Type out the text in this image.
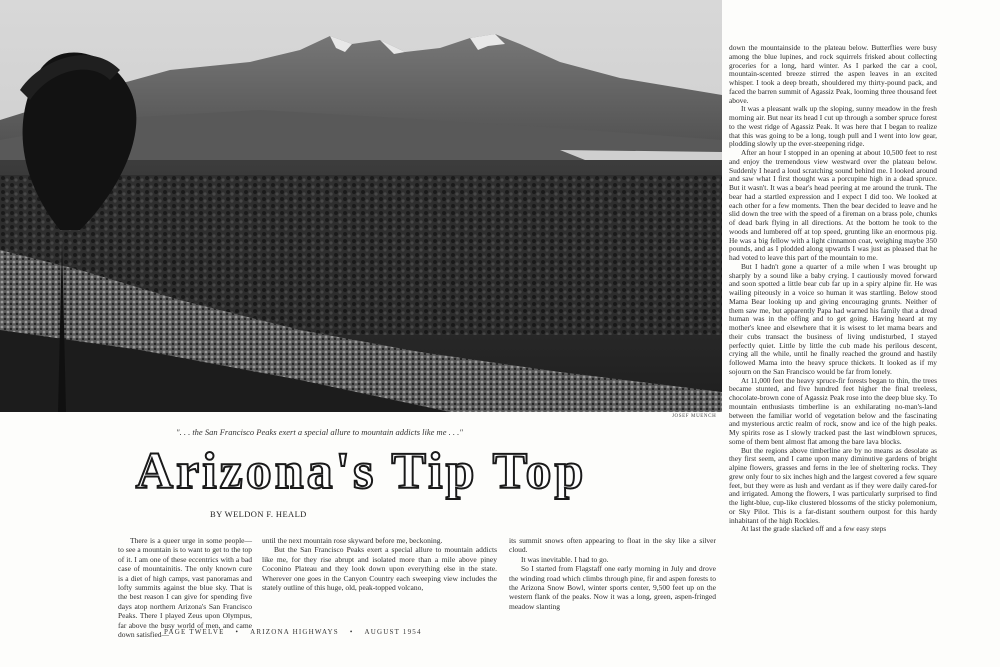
JOSEF MUENCH
". . . the San Francisco Peaks exert a special allure to mountain addicts like me . . ."
Arizona's Tip Top
BY WELDON F. HEALD

There is a queer urge in some people—to see a mountain is to want to get to the top of it. I am one of these eccentrics with a bad case of mountainitis. The only known cure is a diet of high camps, vast panoramas and lofty summits against the blue sky. That is the best reason I can give for spending five days atop northern Arizona's San Francisco Peaks. There I played Zeus upon Olympus, far above the busy world of men, and came down satisfied—

until the next mountain rose skyward before me, beckoning.

But the San Francisco Peaks exert a special allure to mountain addicts like me, for they rise abrupt and isolated more than a mile above piney Coconino Plateau and they look down upon everything else in the state. Wherever one goes in the Canyon Country each sweeping view includes the stately outline of this huge, old, peak-topped volcano,

its summit snows often appearing to float in the sky like a silver cloud.

It was inevitable. I had to go.

So I started from Flagstaff one early morning in July and drove the winding road which climbs through pine, fir and aspen forests to the Arizona Snow Bowl, winter sports center, 9,500 feet up on the western flank of the peaks. Now it was a long, green, aspen-fringed meadow slanting

down the mountainside to the plateau below. Butterflies were busy among the blue lupines, and rock squirrels frisked about collecting groceries for a long, hard winter. As I parked the car a cool, mountain-scented breeze stirred the aspen leaves in an excited whisper. I took a deep breath, shouldered my thirty-pound pack, and faced the barren summit of Agassiz Peak, looming three thousand feet above.

It was a pleasant walk up the sloping, sunny meadow in the fresh morning air. But near its head I cut up through a somber spruce forest to the west ridge of Agassiz Peak. It was here that I began to realize that this was going to be a long, tough pull and I went into low gear, plodding slowly up the ever-steepening ridge.

After an hour I stopped in an opening at about 10,500 feet to rest and enjoy the tremendous view westward over the plateau below. Suddenly I heard a loud scratching sound behind me. I looked around and saw what I first thought was a porcupine high in a dead spruce. But it wasn't. It was a bear's head peering at me around the trunk. The bear had a startled expression and I expect I did too. We looked at each other for a few moments. Then the bear decided to leave and he slid down the tree with the speed of a fireman on a brass pole, chunks of dead bark flying in all directions. At the bottom he took to the woods and lumbered off at top speed, grunting like an enormous pig. He was a big fellow with a light cinnamon coat, weighing maybe 350 pounds, and as I plodded along upwards I was just as pleased that he had voted to leave this part of the mountain to me.

But I hadn't gone a quarter of a mile when I was brought up sharply by a sound like a baby crying. I cautiously moved forward and soon spotted a little bear cub far up in a spiry alpine fir. He was wailing piteously in a voice so human it was startling. Below stood Mama Bear looking up and giving encouraging grunts. Neither of them saw me, but apparently Papa had warned his family that a dread human was in the offing and to get going. Having heard at my mother's knee and elsewhere that it is wisest to let mama bears and their cubs transact the business of living undisturbed, I stayed perfectly quiet. Little by little the cub made his perilous descent, crying all the while, until he finally reached the ground and hastily followed Mama into the heavy spruce thickets. It looked as if my sojourn on the San Francisco would be far from lonely.

At 11,000 feet the heavy spruce-fir forests began to thin, the trees became stunted, and five hundred feet higher the final treeless, chocolate-brown cone of Agassiz Peak rose into the deep blue sky. To mountain enthusiasts timberline is an exhilarating no-man's-land between the familiar world of vegetation below and the fascinating and mysterious arctic realm of rock, snow and ice of the high peaks. My spirits rose as I slowly tracked past the last windblown spruces, some of them bent almost flat among the bare lava blocks.

But the regions above timberline are by no means as desolate as they first seem, and I came upon many diminutive gardens of bright alpine flowers, grasses and ferns in the lee of sheltering rocks. They grew only four to six inches high and the largest covered a few square feet, but they were as lush and verdant as if they were daily cared-for and irrigated. Among the flowers, I was particularly surprised to find the light-blue, cup-like clustered blossoms of the sticky polemonium, or Sky Pilot. This is a far-distant southern outpost for this hardy inhabitant of the high Rockies.

At last the grade slacked off and a few easy steps

PAGE TWELVE • ARIZONA HIGHWAYS • AUGUST 1954
